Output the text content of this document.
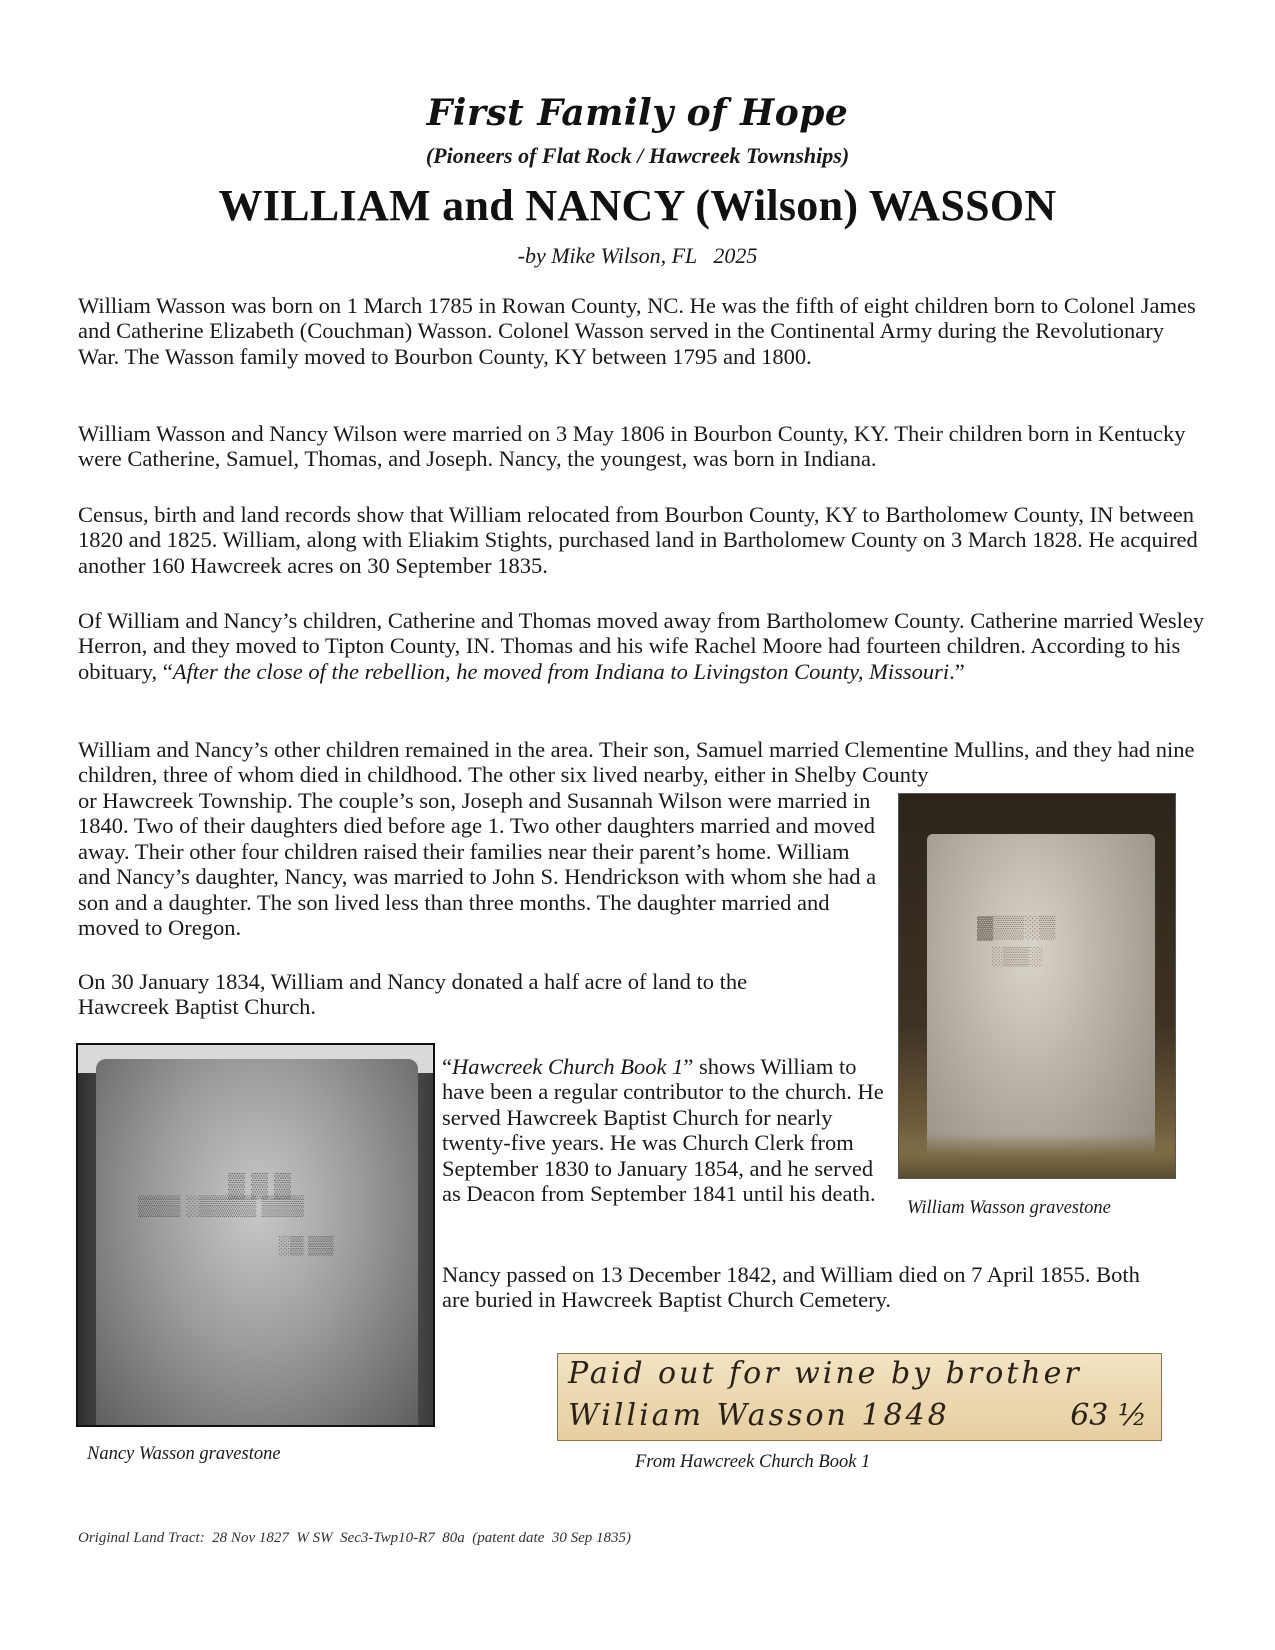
First Family of Hope
(Pioneers of Flat Rock / Hawcreek Townships)
WILLIAM and NANCY (Wilson) WASSON
-by Mike Wilson, FL   2025
William Wasson was born on 1 March 1785 in Rowan County, NC. He was the fifth of eight children born to Colonel James and Catherine Elizabeth (Couchman) Wasson. Colonel Wasson served in the Continental Army during the Revolutionary War. The Wasson family moved to Bourbon County, KY between 1795 and 1800.
William Wasson and Nancy Wilson were married on 3 May 1806 in Bourbon County, KY. Their children born in Kentucky were Catherine, Samuel, Thomas, and Joseph. Nancy, the youngest, was born in Indiana.
Census, birth and land records show that William relocated from Bourbon County, KY to Bartholomew County, IN between 1820 and 1825. William, along with Eliakim Stights, purchased land in Bartholomew County on 3 March 1828. He acquired another 160 Hawcreek acres on 30 September 1835.
Of William and Nancy’s children, Catherine and Thomas moved away from Bartholomew County. Catherine married Wesley Herron, and they moved to Tipton County, IN. Thomas and his wife Rachel Moore had fourteen children. According to his obituary, “After the close of the rebellion, he moved from Indiana to Livingston County, Missouri.”
William and Nancy’s other children remained in the area. Their son, Samuel married Clementine Mullins, and they had nine children, three of whom died in childhood. The other six lived nearby, either in Shelby County
or Hawcreek Township. The couple’s son, Joseph and Susannah Wilson were married in 1840. Two of their daughters died before age 1. Two other daughters married and moved away. Their other four children raised their families near their parent’s home. William and Nancy’s daughter, Nancy, was married to John S. Hendrickson with whom she had a son and a daughter. The son lived less than three months. The daughter married and moved to Oregon.
On 30 January 1834, William and Nancy donated a half acre of land to the Hawcreek Baptist Church.
“Hawcreek Church Book 1” shows William to have been a regular contributor to the church. He served Hawcreek Baptist Church for nearly twenty-five years. He was Church Clerk from September 1830 to January 1854, and he served as Deacon from September 1841 until his death.
Nancy passed on 13 December 1842, and William died on 7 April 1855. Both are buried in Hawcreek Baptist Church Cemetery.
▓▒▒░▒
░▒▒░
William Wasson gravestone
▒ ▒ ▒
▒▒▒ ░▒▒▒▒ ▒▒▒
░▒ ▒▒
Nancy Wasson gravestone
Paid out for wine by brother
William Wasson 1848	63 ½
From Hawcreek Church Book 1
Original Land Tract:  28 Nov 1827  W SW  Sec3-Twp10-R7  80a  (patent date  30 Sep 1835)
